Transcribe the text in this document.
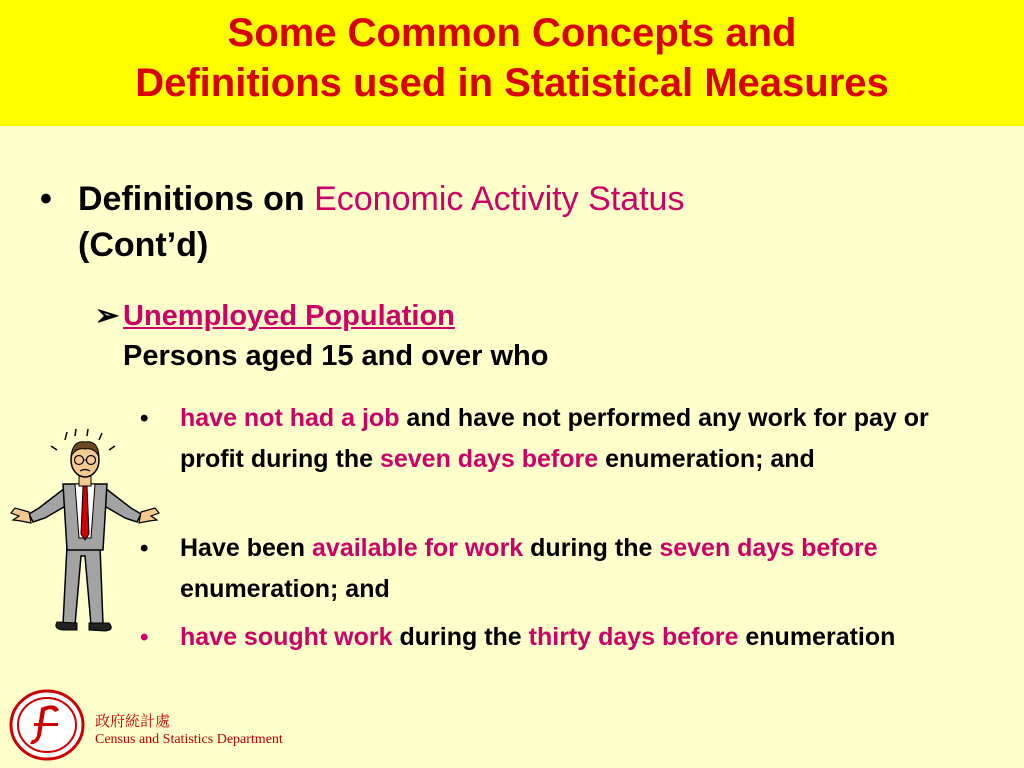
Some Common Concepts and
Definitions used in Statistical Measures
• Definitions on Economic Activity Status
(Cont’d)
➢ Unemployed Population
Persons aged 15 and over who
• have not had a job and have not performed any work for pay or profit during the seven days before enumeration; and
• Have been available for work during the seven days before enumeration; and
• have sought work during the thirty days before enumeration
政府統計處
Census and Statistics Department
